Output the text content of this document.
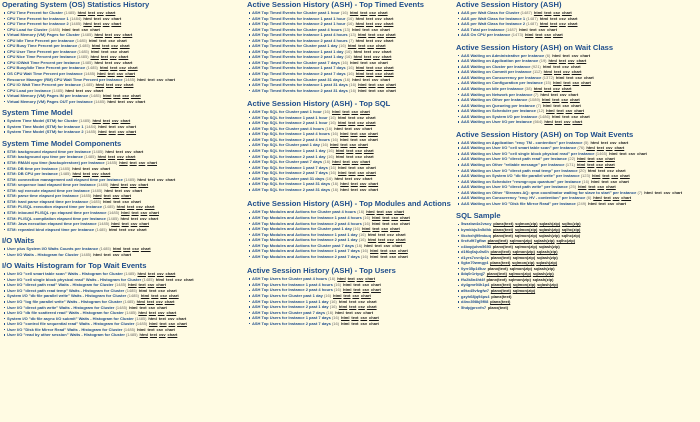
Operating System (OS) Statistics History
CPU Time Percent for Cluster (1485) html text csv chart
CPU Time Percent for Instance 1 (1484) html text csv chart
CPU Time Percent for Instance 2 (1485) html text csv chart
CPU Load for Cluster (1485) html text csv chart
Virtual Memory (VM) Pages for Cluster (1485) html text csv chart
CPU Idle Time Percent per Instance (1485) html text csv chart
CPU Busy Time Percent per Instance (1485) html text csv chart
CPU User Time Percent per Instance (1485) html text csv chart
CPU Nice Time Percent per Instance (1485) html text csv chart
CPU IOWait Time Percent per Instance (1485) html text csv chart
CPU Busy/Idle Time Percent per Instance (1485) html text csv chart
OS CPU Wait Time Percent per Instance (1485) html text csv chart
Resource Manager (RM) CPU Wait Time Percent per Instance (1485) html text csv chart
CPU IO Wait Time Percent per Instance (1485) html text csv chart
CPU Load per Instance (1485) html text csv chart
Virtual Memory (VM) Pages IN per Instance (1485) html text csv chart
Virtual Memory (VM) Pages OUT per Instance (1485) html text csv chart
System Time Model
System Time Model (STM) for Cluster (1485) html text csv chart
System Time Model (STM) for Instance 1 (1484) html text csv chart
System Time Model (STM) for Instance 2 (1485) html text csv chart
System Time Model Components
STM: background elapsed time per Instance (1485) html text csv chart
STM: background cpu time per Instance (1485) html text csv chart
STM: RMAN cpu time (backup/restore) per Instance (1485) html text csv chart
STM: DB time per Instance (1485) html text csv chart
STM: DB CPU per Instance (1485) html text csv chart
STM: connection management call elapsed time per Instance (1485) html text csv chart
STM: sequence load elapsed time per Instance (1485) html text csv chart
STM: sql execute elapsed time per Instance (1485) html text csv chart
STM: parse time elapsed per Instance (1485) html text csv chart
STM: hard parse elapsed time per Instance (1485) html text csv chart
STM: PL/SQL execution elapsed time per Instance (1485) html text csv chart
STM: inbound PL/SQL rpc elapsed time per Instance (1485) html text csv chart
STM: PL/SQL compilation elapsed time per Instance (1485) html text csv chart
STM: Java execution elapsed time per Instance (1485) html text csv chart
STM: repeated bind elapsed time per Instance (1485) html text csv chart
I/O Waits
User plus System I/O Waits Counts per Instance (1485) html text csv chart
User I/O Waits - Histogram for Cluster (1485) html text csv chart
I/O Waits Histogram for Top Wait Events
User I/O "cell smart table scan" Waits - Histogram for Cluster (1485) html text csv chart
User I/O "cell single block physical read" Waits - Histogram for Cluster (1485) html text csv chart
User I/O "direct path read" Waits - Histogram for Cluster (1485) html text csv chart
User I/O "direct path read temp" Waits - Histogram for Cluster (1485) html text csv chart
System I/O "db file parallel write" Waits - Histogram for Cluster (1485) html text csv chart
User I/O "log file parallel write" Waits - Histogram for Cluster (1485) html text csv chart
User I/O "direct path write" Waits - Histogram for Cluster (1485) html text csv chart
User I/O "db file scattered read" Waits - Histogram for Cluster (1485) html text csv chart
System I/O "db file async I/O submit" Waits - Histogram for Cluster (1485) html text csv chart
User I/O "control file sequential read" Waits - Histogram for Cluster (1485) html text csv chart
User I/O "Disk file Mirror Read" Waits - Histogram for Cluster (1485) html text csv chart
User I/O "read by other session" Waits - Histogram for Cluster (1485) html text csv chart
Active Session History (ASH) - Top Timed Events
ASH Top Timed Events for Cluster past 1 hour (16) html text csv chart
ASH Top Timed Events for Instance 1 past 1 hour (16) html text csv chart
ASH Top Timed Events for Instance 2 past 1 hour (16) html text csv chart
ASH Top Timed Events for Cluster past 4 hours (13) html text csv chart
ASH Top Timed Events for Instance 1 past 4 hours (13) html text csv chart
ASH Top Timed Events for Instance 2 past 4 hours (7) html text csv chart
ASH Top Timed Events for Cluster past 1 day (16) html text csv chart
ASH Top Timed Events for Instance 1 past 1 day (16) html text csv chart
ASH Top Timed Events for Instance 2 past 1 day (16) html text csv chart
ASH Top Timed Events for Cluster past 7 days (16) html text csv chart
ASH Top Timed Events for Instance 1 past 7 days (16) html text csv chart
ASH Top Timed Events for Instance 2 past 7 days (16) html text csv chart
ASH Top Timed Events for Cluster past 31 days (16) html text csv chart
ASH Top Timed Events for Instance 1 past 31 days (16) html text csv chart
ASH Top Timed Events for Instance 2 past 31 days (16) html text csv chart
Active Session History (ASH) - Top SQL
ASH Top SQL for Cluster past 1 hour (16) html text csv chart
ASH Top SQL for Instance 1 past 1 hour (16) html text csv chart
ASH Top SQL for Instance 2 past 1 hour (16) html text csv chart
ASH Top SQL for Cluster past 4 hours (16) html text csv chart
ASH Top SQL for Instance 1 past 4 hours (16) html text csv chart
ASH Top SQL for Instance 2 past 4 hours (16) html text csv chart
ASH Top SQL for Cluster past 1 day (16) html text csv chart
ASH Top SQL for Instance 1 past 1 day (16) html text csv chart
ASH Top SQL for Instance 2 past 1 day (16) html text csv chart
ASH Top SQL for Cluster past 7 days (16) html text csv chart
ASH Top SQL for Instance 1 past 7 days (16) html text csv chart
ASH Top SQL for Instance 2 past 7 days (16) html text csv chart
ASH Top SQL for Cluster past 31 days (16) html text csv chart
ASH Top SQL for Instance 1 past 31 days (16) html text csv chart
ASH Top SQL for Instance 2 past 31 days (16) html text csv chart
Active Session History (ASH) - Top Modules and Actions
ASH Top Modules and Actions for Cluster past 4 hours (16) html text csv chart
ASH Top Modules and Actions for Instance 1 past 4 hours (16) html text csv chart
ASH Top Modules and Actions for Instance 2 past 4 hours (16) html text csv chart
ASH Top Modules and Actions for Cluster past 1 day (16) html text csv chart
ASH Top Modules and Actions for Instance 1 past 1 day (16) html text csv chart
ASH Top Modules and Actions for Instance 2 past 1 day (16) html text csv chart
ASH Top Modules and Actions for Cluster past 7 days (16) html text csv chart
ASH Top Modules and Actions for Instance 1 past 7 days (16) html text csv chart
ASH Top Modules and Actions for Instance 2 past 7 days (16) html text csv chart
Active Session History (ASH) - Top Users
ASH Top Users for Cluster past 4 hours (16) html text csv chart
ASH Top Users for Instance 1 past 4 hours (16) html text csv chart
ASH Top Users for Instance 2 past 4 hours (16) html text csv chart
ASH Top Users for Cluster past 1 day (16) html text csv chart
ASH Top Users for Instance 1 past 1 day (16) html text csv chart
ASH Top Users for Instance 2 past 1 day (16) html text csv chart
ASH Top Users for Cluster past 7 days (16) html text csv chart
ASH Top Users for Instance 1 past 7 days (16) html text csv chart
ASH Top Users for Instance 2 past 7 days (16) html text csv chart
Active Session History (ASH)
AAS per Wait Class for Cluster (1487) html text csv chart
AAS per Wait Class for Instance 1 (1487) html text csv chart
AAS per Wait Class for Instance 2 (1487) html text csv chart
AAS Total per Instance (1487) html text csv chart
AAS On CPU per Instance (1473) html text csv chart
Active Session History (ASH) on Wait Class
AAS Waiting on Administrative per Instance (6) html text csv chart
AAS Waiting on Application per Instance (19) html text csv chart
AAS Waiting on Cluster per Instance (921) html text csv chart
AAS Waiting on Commit per Instance (112) html text csv chart
AAS Waiting on Concurrency per Instance (1372) html text csv chart
AAS Waiting on Configuration per Instance (15) html text csv chart
AAS Waiting on Idle per Instance (38) html text csv chart
AAS Waiting on Network per Instance (7) html text csv chart
AAS Waiting on Other per Instance (1089) html text csv chart
AAS Waiting on Queueing per Instance (7) html text csv chart
AAS Waiting on Scheduler per Instance (12) html text csv chart
AAS Waiting on System I/O per Instance (1486) html text csv chart
AAS Waiting on User I/O per Instance (664) html text csv chart
Active Session History (ASH) on Top Wait Events
AAS Waiting on Application "enq: TM - contention" per Instance (5) html text csv chart
AAS Waiting on User I/O "cell smart table scan" per Instance (76) html text csv chart
AAS Waiting on User I/O "cell single block physical read" per Instance (1465) html text csv chart
AAS Waiting on User I/O "direct path read" per Instance (22) html text csv chart
AAS Waiting on Other "reliable message" per Instance (171) html text csv chart
AAS Waiting on User I/O "direct path read temp" per Instance (20) html text csv chart
AAS Waiting on System I/O "db file parallel write" per Instance (123) html text csv chart
AAS Waiting on Scheduler "resmgr:cpu quantum" per Instance (16) html text csv chart
AAS Waiting on User I/O "direct path write" per Instance (25) html text csv chart
AAS Waiting on Other "Streams AQ: qmn coordinator waiting for slave to start" per Instance (7) html text csv chart
AAS Waiting on Concurrency "enq: HV - contention" per Instance (6) html text csv chart
AAS Waiting on User I/O "Disk file Mirror Read" per Instance (249) html text csv chart
SQL Sample
5wzzbw4x2vscy planx(text) sqlmon(zip) sqlash(zip) sqlhc(zip)
bymkbjs3n5dhk planx(text) sqlmon(zip) sqlash(zip) sqlhc(zip)
0kchxhj99mkuq planx(text) sqlmon(zip) sqlash(zip) sqlhc(zip)
0rcfu9t7gfbw planx(text) sqlmon(zip) sqlash(zip) sqlhc(zip)
c4bxpjuhm5693 planx(text) sqlmon(zip) sqlash(zip)
d1f6q6sju0s6h planx(text) sqlmon(zip) sqlash(zip)
d1yrs7cvr4p1s planx(text) sqlmon(zip) sqlash(zip)
0gkn70wmgy4 planx(text) sqlmon(zip) sqlash(zip)
0yrr35p1t5uv planx(text) sqlmon(zip) sqlash(zip)
8dq0r1rtyqj7 planx(text) sqlmon(zip) sqlash(zip)
ffu2k8n4ht4f planx(text) sqlmon(zip) sqlash(zip)
dy4gmr94h1p4 planx(text) sqlmon(zip) sqlash(zip)
a9kx45vfzgfw7 planx(text) sqlmon(zip)
gzyh68jq94ps4 planx(text)
d4nc398kj5f08 planx(text)
5hdpjprcvfn7 planx(text)
